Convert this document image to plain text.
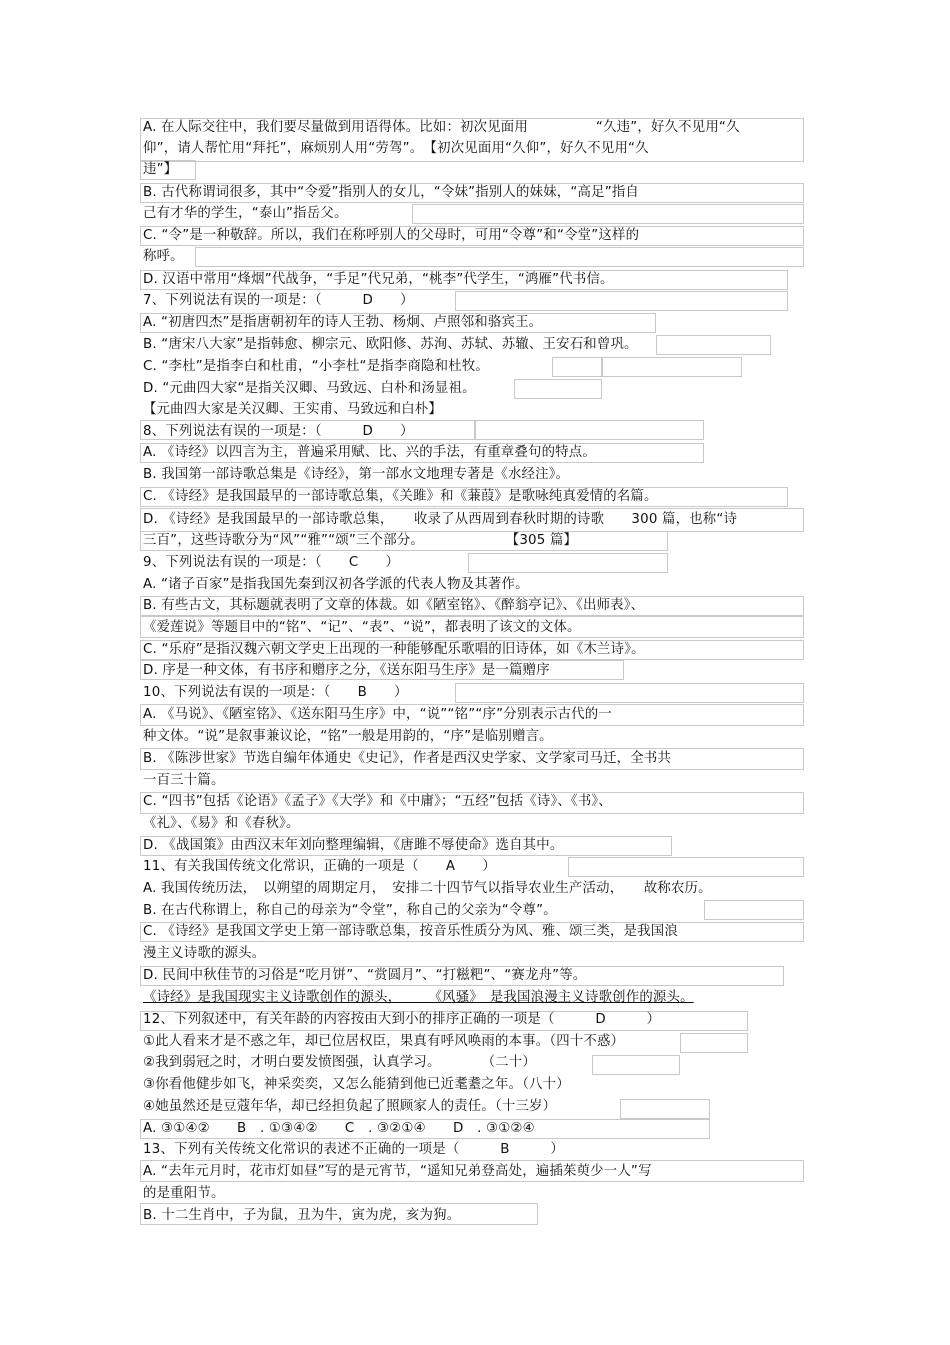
A. 在人际交往中，我们要尽量做到用语得体。比如：初次见面用　　　　　“久违”，好久不见用“久
仰”，请人帮忙用“拜托”，麻烦别人用“劳驾”。　【初次见面用“久仰”，好久不见用“久
违”】
B. 古代称谓词很多，其中“令爱”指别人的女儿，“令妹”指别人的妹妹，“高足”指自
己有才华的学生，“泰山”指岳父。
C. “令”是一种敬辞。所以，我们在称呼别人的父母时，可用“令尊”和“令堂”这样的
称呼。
D. 汉语中常用“烽烟”代战争，“手足”代兄弟，“桃李”代学生，“鸿雁”代书信。
7、下列说法有误的一项是：（　　　D　　）
A. “初唐四杰”是指唐朝初年的诗人王勃、杨炯、卢照邻和骆宾王。
B. “唐宋八大家”是指韩愈、柳宗元、欧阳修、苏洵、苏轼、苏辙、王安石和曾巩。
C. “李杜”是指李白和杜甫，“小李杜“是指李商隐和杜牧。
D. “元曲四大家“是指关汉卿、马致远、白朴和汤显祖。
【元曲四大家是关汉卿、王实甫、马致远和白朴】
8、下列说法有误的一项是：（　　　D　　）
A. 《诗经》以四言为主，普遍采用赋、比、兴的手法，有重章叠句的特点。
B. 我国第一部诗歌总集是《诗经》，第一部水文地理专著是《水经注》。
C. 《诗经》是我国最早的一部诗歌总集，《关雎》和《蒹葭》是歌咏纯真爱情的名篇。
D. 《诗经》是我国最早的一部诗歌总集，　　收录了从西周到春秋时期的诗歌　　300 篇，也称“诗
三百”，这些诗歌分为“风”“雅”“颂”三个部分。　　　　　　　【305 篇】
9、下列说法有误的一项是：（　　C　　）
A. “诸子百家”是指我国先秦到汉初各学派的代表人物及其著作。
B. 有些古文，其标题就表明了文章的体裁。如《陋室铭》、《醉翁亭记》、《出师表》、
《爱莲说》等题目中的“铭”、“记”、“表”、“说”，都表明了该文的文体。
C. “乐府”是指汉魏六朝文学史上出现的一种能够配乐歌唱的旧诗体，如《木兰诗》。
D. 序是一种文体，有书序和赠序之分，《送东阳马生序》是一篇赠序
10、下列说法有误的一项是：（　　B　　）
A. 《马说》、《陋室铭》、《送东阳马生序》中，“说”“铭”“序”分别表示古代的一
种文体。“说”是叙事兼议论，“铭”一般是用韵的，“序”是临别赠言。
B. 《陈涉世家》节选自编年体通史《史记》，作者是西汉史学家、文学家司马迁，全书共
一百三十篇。
C. “四书”包括《论语》《孟子》《大学》和《中庸》；“五经”包括《诗》、《书》、
《礼》、《易》和《春秋》。
D. 《战国策》由西汉末年刘向整理编辑，《唐雎不辱使命》选自其中。
11、有关我国传统文化常识，正确的一项是（　　A　　）
A. 我国传统历法，　以朔望的周期定月，　安排二十四节气以指导农业生产活动，　　故称农历。
B. 在古代称谓上，称自己的母亲为“令堂”，称自己的父亲为“令尊”。
C. 《诗经》是我国文学史上第一部诗歌总集，按音乐性质分为风、雅、颂三类，是我国浪
漫主义诗歌的源头。
D. 民间中秋佳节的习俗是“吃月饼”、“赏圆月”、“打糍粑”、“赛龙舟”等。
《诗经》是我国现实主义诗歌创作的源头，　　　《风骚》　是我国浪漫主义诗歌创作的源头。
12、下列叙述中，有关年龄的内容按由大到小的排序正确的一项是（　　　D　　　）
①此人看来才是不惑之年，却已位居权臣，果真有呼风唤雨的本事。（四十不惑）
②我到弱冠之时，才明白要发愤图强，认真学习。　　　　（二十）
③你看他健步如飞，神采奕奕，又怎么能猜到他已近耄耋之年。（八十）
④她虽然还是豆蔻年华，却已经担负起了照顾家人的责任。（十三岁）
A. ③①④②　　B　. ①③④②　　C　. ③②①④　　D　. ③①②④
13、下列有关传统文化常识的表述不正确的一项是（　　　B　　　）
A. “去年元月时，花市灯如昼”写的是元宵节，“遥知兄弟登高处，遍插茱萸少一人”写
的是重阳节。
B. 十二生肖中，子为鼠，丑为牛，寅为虎，亥为狗。
